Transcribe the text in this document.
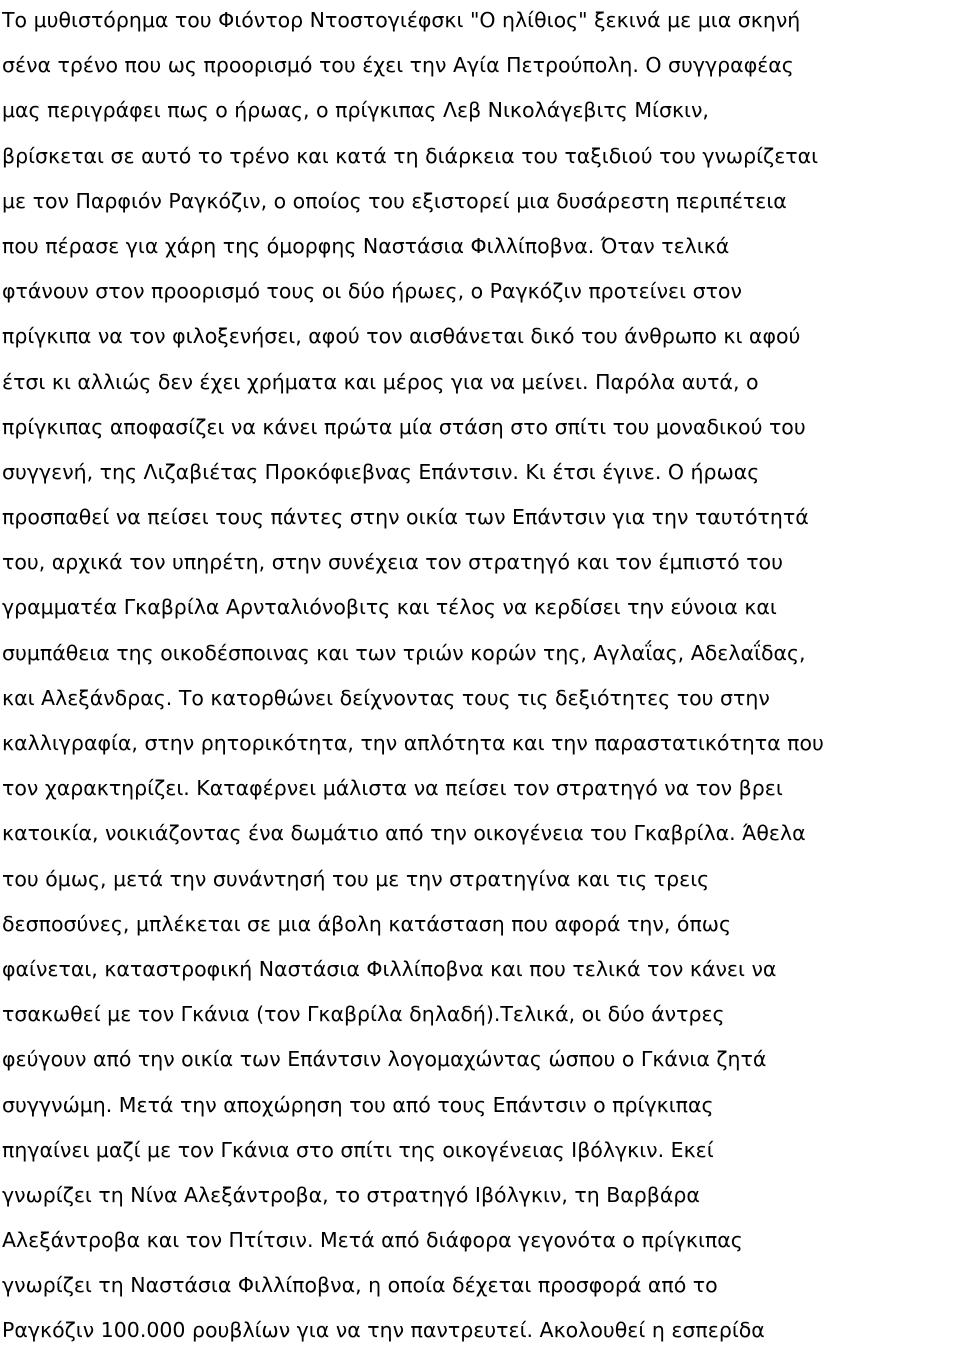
Το μυθιστόρημα του Φιόντορ Ντοστογιέφσκι "Ο ηλίθιος" ξεκινά με μια σκηνή
σένα τρένο που ως προορισμό του έχει την Αγία Πετρούπολη. Ο συγγραφέας
μας περιγράφει πως ο ήρωας, ο πρίγκιπας Λεβ Νικολάγεβιτς Μίσκιν,
βρίσκεται σε αυτό το τρένο και κατά τη διάρκεια του ταξιδιού του γνωρίζεται
με τον Παρφιόν Ραγκόζιν, ο οποίος του εξιστορεί μια δυσάρεστη περιπέτεια
που πέρασε για χάρη της όμορφης Ναστάσια Φιλλίποβνα. Όταν τελικά
φτάνουν στον προορισμό τους οι δύο ήρωες, ο Ραγκόζιν προτείνει στον
πρίγκιπα να τον φιλοξενήσει, αφού τον αισθάνεται δικό του άνθρωπο κι αφού
έτσι κι αλλιώς δεν έχει χρήματα και μέρος για να μείνει. Παρόλα αυτά, ο
πρίγκιπας αποφασίζει να κάνει πρώτα μία στάση στο σπίτι του μοναδικού του
συγγενή, της Λιζαβιέτας Προκόφιεβνας Επάντσιν. Κι έτσι έγινε. Ο ήρωας
προσπαθεί να πείσει τους πάντες στην οικία των Επάντσιν για την ταυτότητά
του, αρχικά τον υπηρέτη, στην συνέχεια τον στρατηγό και τον έμπιστό του
γραμματέα Γκαβρίλα Αρνταλιόνοβιτς και τέλος να κερδίσει την εύνοια και
συμπάθεια της οικοδέσποινας και των τριών κορών της, Αγλαΐας, Αδελαΐδας,
και Αλεξάνδρας. Το κατορθώνει δείχνοντας τους τις δεξιότητες του στην
καλλιγραφία, στην ρητορικότητα, την απλότητα και την παραστατικότητα που
τον χαρακτηρίζει. Καταφέρνει μάλιστα να πείσει τον στρατηγό να τον βρει
κατοικία, νοικιάζοντας ένα δωμάτιο από την οικογένεια του Γκαβρίλα. Άθελα
του όμως, μετά την συνάντησή του με την στρατηγίνα και τις τρεις
δεσποσύνες, μπλέκεται σε μια άβολη κατάσταση που αφορά την, όπως
φαίνεται, καταστροφική Ναστάσια Φιλλίποβνα και που τελικά τον κάνει να
τσακωθεί με τον Γκάνια (τον Γκαβρίλα δηλαδή).Τελικά, οι δύο άντρες
φεύγουν από την οικία των Επάντσιν λογομαχώντας ώσπου ο Γκάνια ζητά
συγγνώμη. Μετά την αποχώρηση του από τους Επάντσιν ο πρίγκιπας
πηγαίνει μαζί με τον Γκάνια στο σπίτι της οικογένειας Ιβόλγκιν. Εκεί
γνωρίζει τη Νίνα Αλεξάντροβα, το στρατηγό Ιβόλγκιν, τη Βαρβάρα
Αλεξάντροβα και τον Πτίτσιν. Μετά από διάφορα γεγονότα ο πρίγκιπας
γνωρίζει τη Ναστάσια Φιλλίποβνα, η οποία δέχεται προσφορά από το
Ραγκόζιν 100.000 ρουβλίων για να την παντρευτεί. Ακολουθεί η εσπερίδα
